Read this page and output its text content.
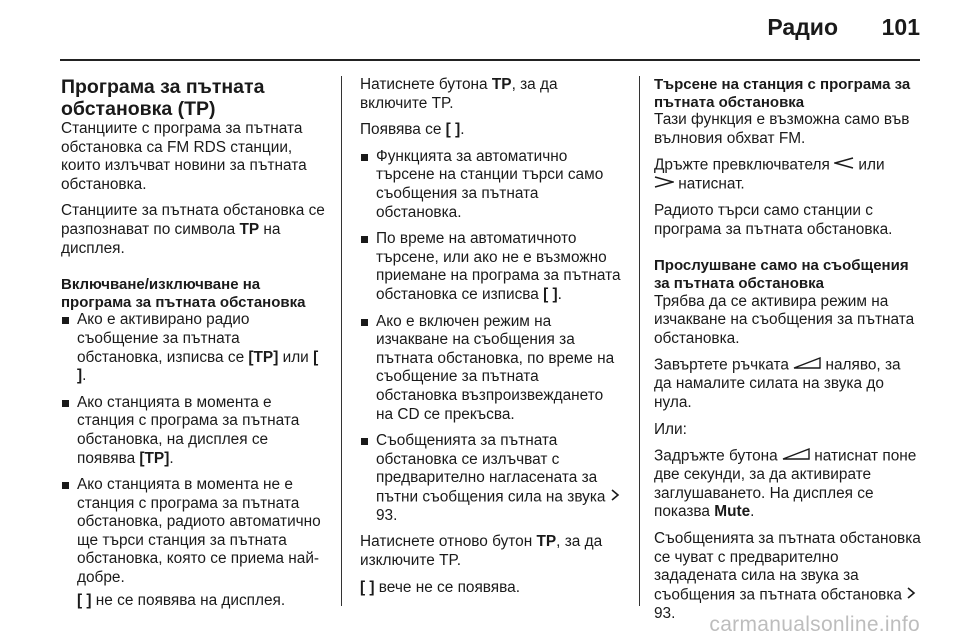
Радио 101
Програма за пътната обстановка (TP)

Станциите с програма за пътната обстановка са FM RDS станции, които излъчват новини за пътната обстановка.

Станциите за пътната обстановка се разпознават по символа TP на дисплея.

Включване/изключване на програма за пътната обстановка
Ако е активирано радио съобщение за пътната обстановка, изписва се [TP] или [ ].
Ако станцията в момента е станция с програма за пътната обстановка, на дисплея се появява [TP].
Ако станцията в момента не е станция с програма за пътната обстановка, радиото автоматично ще търси станция за пътната обстановка, която се приема най-добре.

[ ] не се появява на дисплея.

Натиснете бутона TP, за да включите TP.

Появява се [ ].

Функцията за автоматично търсене на станции търси само съобщения за пътната обстановка.
По време на автоматичното търсене, или ако не е възможно приемане на програма за пътната обстановка се изписва [ ].
Ако е включен режим на изчакване на съобщения за пътната обстановка, по време на съобщение за пътната обстановка възпроизвеждането на CD се прекъсва.
Съобщенията за пътната обстановка се излъчват с предварително нагласената за пътни съобщения сила на звука  93.

Натиснете отново бутон TP, за да изключите TP.

[ ] вече не се появява.

Търсене на станция с програма за пътната обстановка

Тази функция е възможна само във вълновия обхват FM.

Дръжте превключвателя или
натиснат.

Радиото търси само станции с програма за пътната обстановка.

Прослушване само на съобщения за пътната обстановка

Трябва да се активира режим на изчакване на съобщения за пътната обстановка.

Завъртете ръчката наляво, за да намалите силата на звука до нула.

Или:

Задръжте бутона натиснат поне две секунди, за да активирате заглушаването. На дисплея се показва Mute.

Съобщенията за пътната обстановка се чуват с предварително зададената сила на звука за съобщения за пътната обстановка  93.	carmanualsonline.info
